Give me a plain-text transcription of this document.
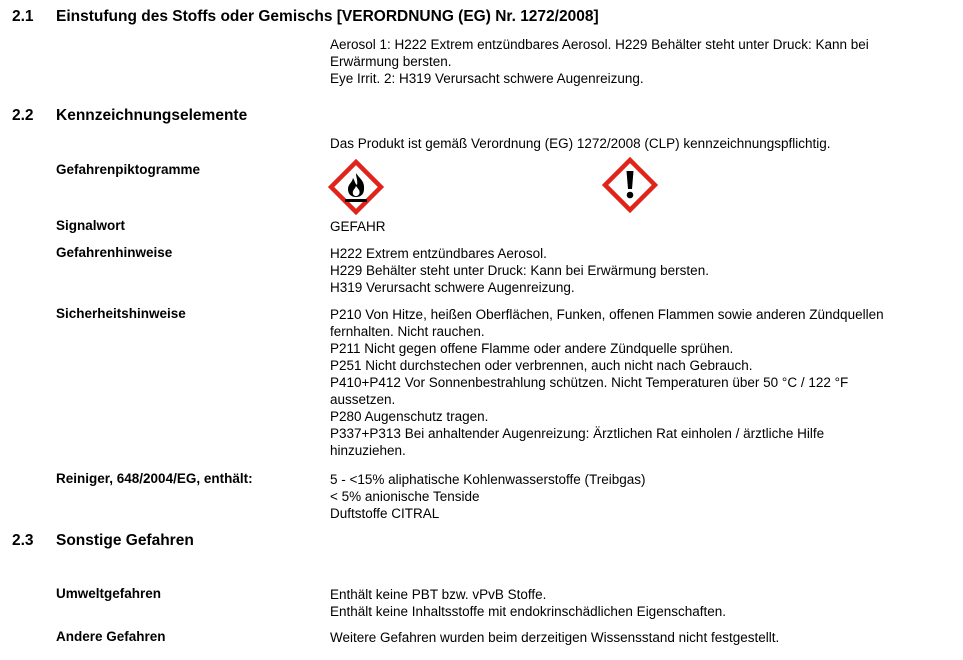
2.1 Einstufung des Stoffs oder Gemischs [VERORDNUNG (EG) Nr. 1272/2008]
Aerosol 1: H222 Extrem entzündbares Aerosol. H229 Behälter steht unter Druck: Kann bei
Erwärmung bersten.
Eye Irrit. 2: H319 Verursacht schwere Augenreizung.
2.2 Kennzeichnungselemente
Das Produkt ist gemäß Verordnung (EG) 1272/2008 (CLP) kennzeichnungspflichtig.
Gefahrenpiktogramme
Signalwort	GEFAHR
Gefahrenhinweise	H222 Extrem entzündbares Aerosol.
H229 Behälter steht unter Druck: Kann bei Erwärmung bersten.
H319 Verursacht schwere Augenreizung.
Sicherheitshinweise	P210 Von Hitze, heißen Oberflächen, Funken, offenen Flammen sowie anderen Zündquellen
fernhalten. Nicht rauchen.
P211 Nicht gegen offene Flamme oder andere Zündquelle sprühen.
P251 Nicht durchstechen oder verbrennen, auch nicht nach Gebrauch.
P410+P412 Vor Sonnenbestrahlung schützen. Nicht Temperaturen über 50 °C / 122 °F
aussetzen.
P280 Augenschutz tragen.
P337+P313 Bei anhaltender Augenreizung: Ärztlichen Rat einholen / ärztliche Hilfe
hinzuziehen.
Reiniger, 648/2004/EG, enthält:	5 - <15% aliphatische Kohlenwasserstoffe (Treibgas)
< 5% anionische Tenside
Duftstoffe CITRAL
2.3 Sonstige Gefahren
Umweltgefahren	Enthält keine PBT bzw. vPvB Stoffe.
Enthält keine Inhaltsstoffe mit endokrinschädlichen Eigenschaften.
Andere Gefahren	Weitere Gefahren wurden beim derzeitigen Wissensstand nicht festgestellt.
